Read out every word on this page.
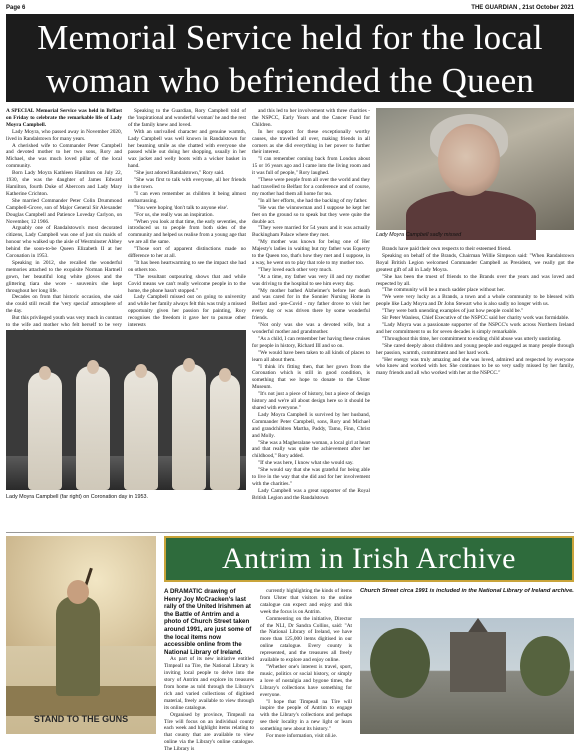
Page 6	THE GUARDIAN , 21st October 2021
Memorial Service held for the local
woman who befriended the Queen

A SPECIAL Memorial Service was held in Belfast on Friday to celebrate the remarkable life of Lady Moyra Campbell.

Lady Moyra, who passed away in November 2020, lived in Randalstown for many years.

A cherished wife to Commander Peter Campbell and devoted mother to her two sons, Rory and Michael, she was much loved pillar of the local community.

Born Lady Moyra Kathleen Hamilton on July 22, 1930, she was the daughter of James Edward Hamilton, fourth Duke of Abercorn and Lady Mary Katherine Crichton.

She married Commander Peter Colin Drummond Campbell-Grove, son of Major General Sir Alexander Douglas Campbell and Patience Loveday Carlyon, on November, 12 1966.

Arguably one of Randalstown's most decorated citizens, Lady Campbell was one of just six maids of honour who walked up the aisle of Westminster Abbey behind the soon-to-be Queen Elizabeth II at her Coronation in 1953.

Speaking in 2012, she recalled the wonderful memories attached to the exquisite Norman Hartnell gown, her beautiful long white gloves and the glittering tiara she wore - souvenirs she kept throughout her long life.

Decades on from that historic occasion, she said she could still recall the 'very special' atmosphere of the day.

But this privileged youth was very much in contrast to the wife and mother who felt herself to be very

Speaking to the Guardian, Rory Campbell told of the 'inspirational and wonderful woman' he and the rest of the family knew and loved.

With an unrivalled character and genuine warmth, Lady Campbell was well known in Randalstown for her beaming smile as she chatted with everyone she passed while out doing her shopping, usually in her wax jacket and welly boots with a wicker basket in hand.

"She just adored Randalstown," Rory said.

"She was first to talk with everyone, all her friends in the town.

"I can even remember as children it being almost embarrassing.

"You were hoping 'don't talk to anyone else'.

"For us, she really was an inspiration.

"When you look at that time, the early seventies, she introduced us to people from both sides of the community and helped us realise from a young age that we are all the same.

"Those sort of apparent distinctions made no difference to her at all.

"It has been heartwarming to see the impact she had on others too.

"The resultant outpouring shows that and while Covid means we can't really welcome people in to the home, the phone hasn't stopped."

Lady Campbell missed out on going to university and while her family always felt this was truly a missed opportunity given her passion for painting, Rory recognises the freedom it gave her to pursue other interests

and this led to her involvement with three charities - the NSPCC, Early Years and the Cancer Fund for Children.

In her support for these exceptionally worthy causes, she travelled all over, making friends in all corners as she did everything in her power to further their interest.

"I can remember coming back from London about 15 or 16 years ago and I came into the living room and it was full of people," Rory laughed.

"These were people from all over the world and they had travelled to Belfast for a conference and of course, my mother had them all home for tea.

"In all her efforts, she had the backing of my father.

"He was the winnowman and I suppose he kept her feet on the ground so to speak but they were quite the double act.

"They were married for 54 years and it was actually Buckingham Palace where they met.

"My mother was known for being one of Her Majesty's ladies in waiting but my father was Equerry to the Queen too, that's how they met and I suppose, in a way, he went on to play that role to my mother too.

"They loved each other very much.

"At a time, my father was very ill and my mother was driving to the hospital to see him every day.

"My mother bathed Alzheimer's before her death and was cared for in the Sonnier Nursing Home in Belfast and -pre-Covid - my father drove to visit her every day or was driven there by some wonderful friends.

"Not only was she was a devoted wife, but a wonderful mother and grandmother.

"As a child, I can remember her having these cruises for people in history, Richard III and so on.

"We would have been taken to all kinds of places to learn all about them.

"I think it's fitting then, that her gown from the Coronation which is still in good condition, is something that we hope to donate to the Ulster Museum.

"It's not just a piece of history, but a piece of design history and we're all about design here so it should be shared with everyone."

Lady Moyra Campbell is survived by her husband, Commander Peter Campbell, sons, Rory and Michael and grandchildren Martha, Paddy, Tamo, Finn, Christ and Molly.

"She was a Magheralane woman, a local girl at heart and that really was quite the achievement after her childhood," Rory added.

"If she was here, I know what she would say.

"She would say that she was grateful for being able to live in the way that she did and for her involvement with the charities."

Lady Campbell was a great supporter of the Royal British Legion and the Randalstown

Lady Moyra Campbell sadly missed

Brands have paid their own respects to their esteemed friend.

Speaking on behalf of the Brands, Chairman Willie Simpson said: "When Randalstown Royal British Legion welcomed Commander Campbell as President, we really got the greatest gift of all in Lady Moyra.

"She has been the truest of friends to the Brands over the years and was loved and respected by all.

"The community will be a much sadder place without her.

"We were very lucky as a Brands, a town and a whole community to be blessed with people like Lady Moyra and Dr John Stewart who is also sadly no longer with us.

"They were both unending examples of just how people could be."

Sir Peter Wanless, Chief Executive of the NSPCC said her charity work was formidable.

"Lady Moyra was a passionate supporter of the NSPCC's work across Northern Ireland and her commitment to us for seven decades is simply remarkable.

"Throughout this time, her commitment to ending child abuse was utterly unstinting.

"She cared deeply about children and young people and engaged as many people through her passion, warmth, commitment and her hard work.

"Her energy was truly amazing and she was loved, admired and respected by everyone who knew and worked with her. She continues to be so very sadly missed by her family, many friends and all who worked with her at the NSPCC."

Lady Moyra Campbell (far right) on Coronation day in 1953.
STAND TO THE GUNS
Antrim in Irish Archive

A DRAMATIC drawing of Henry Joy McCracken's last rally of the United Irishmen at the Battle of Antrim and a photo of Church Street taken around 1991, are just some of the local items now accessible online from the National Library of Ireland.

As part of its new initiative entitled Timpeall na Tíre, the National Library is inviting local people to delve into the story of Antrim and explore its treasures from home as told through the Library's rich and varied collections of digitised material, freely available to view through its online catalogue.

Organised by province, Timpeall na Tíre will focus on an individual county each week and highlight items relating to that county that are available to view online via the Library's online catalogue. The Library is

currently highlighting the kinds of items from Ulster that visitors to the online catalogue can expect and enjoy and this week the focus is on Antrim.

Commenting on the initiative, Director of the NLI, Dr Sandra Collins, said: "At the National Library of Ireland, we have more than 125,000 items digitised in our online catalogue. Every county is represented, and the treasures all freely available to explore and enjoy online.

"Whether one's interest is travel, sport, music, politics or social history, or simply a love of nostalgia and bygone times, the Library's collections have something for everyone.

"I hope that Timpeall na Tíre will inspire the people of Antrim to engage with the Library's collections and perhaps see their locality in a new light or learn something new about its history."

For more information, visit nli.ie.

Church Street circa 1991 is included in the National Library of Ireland archive.
